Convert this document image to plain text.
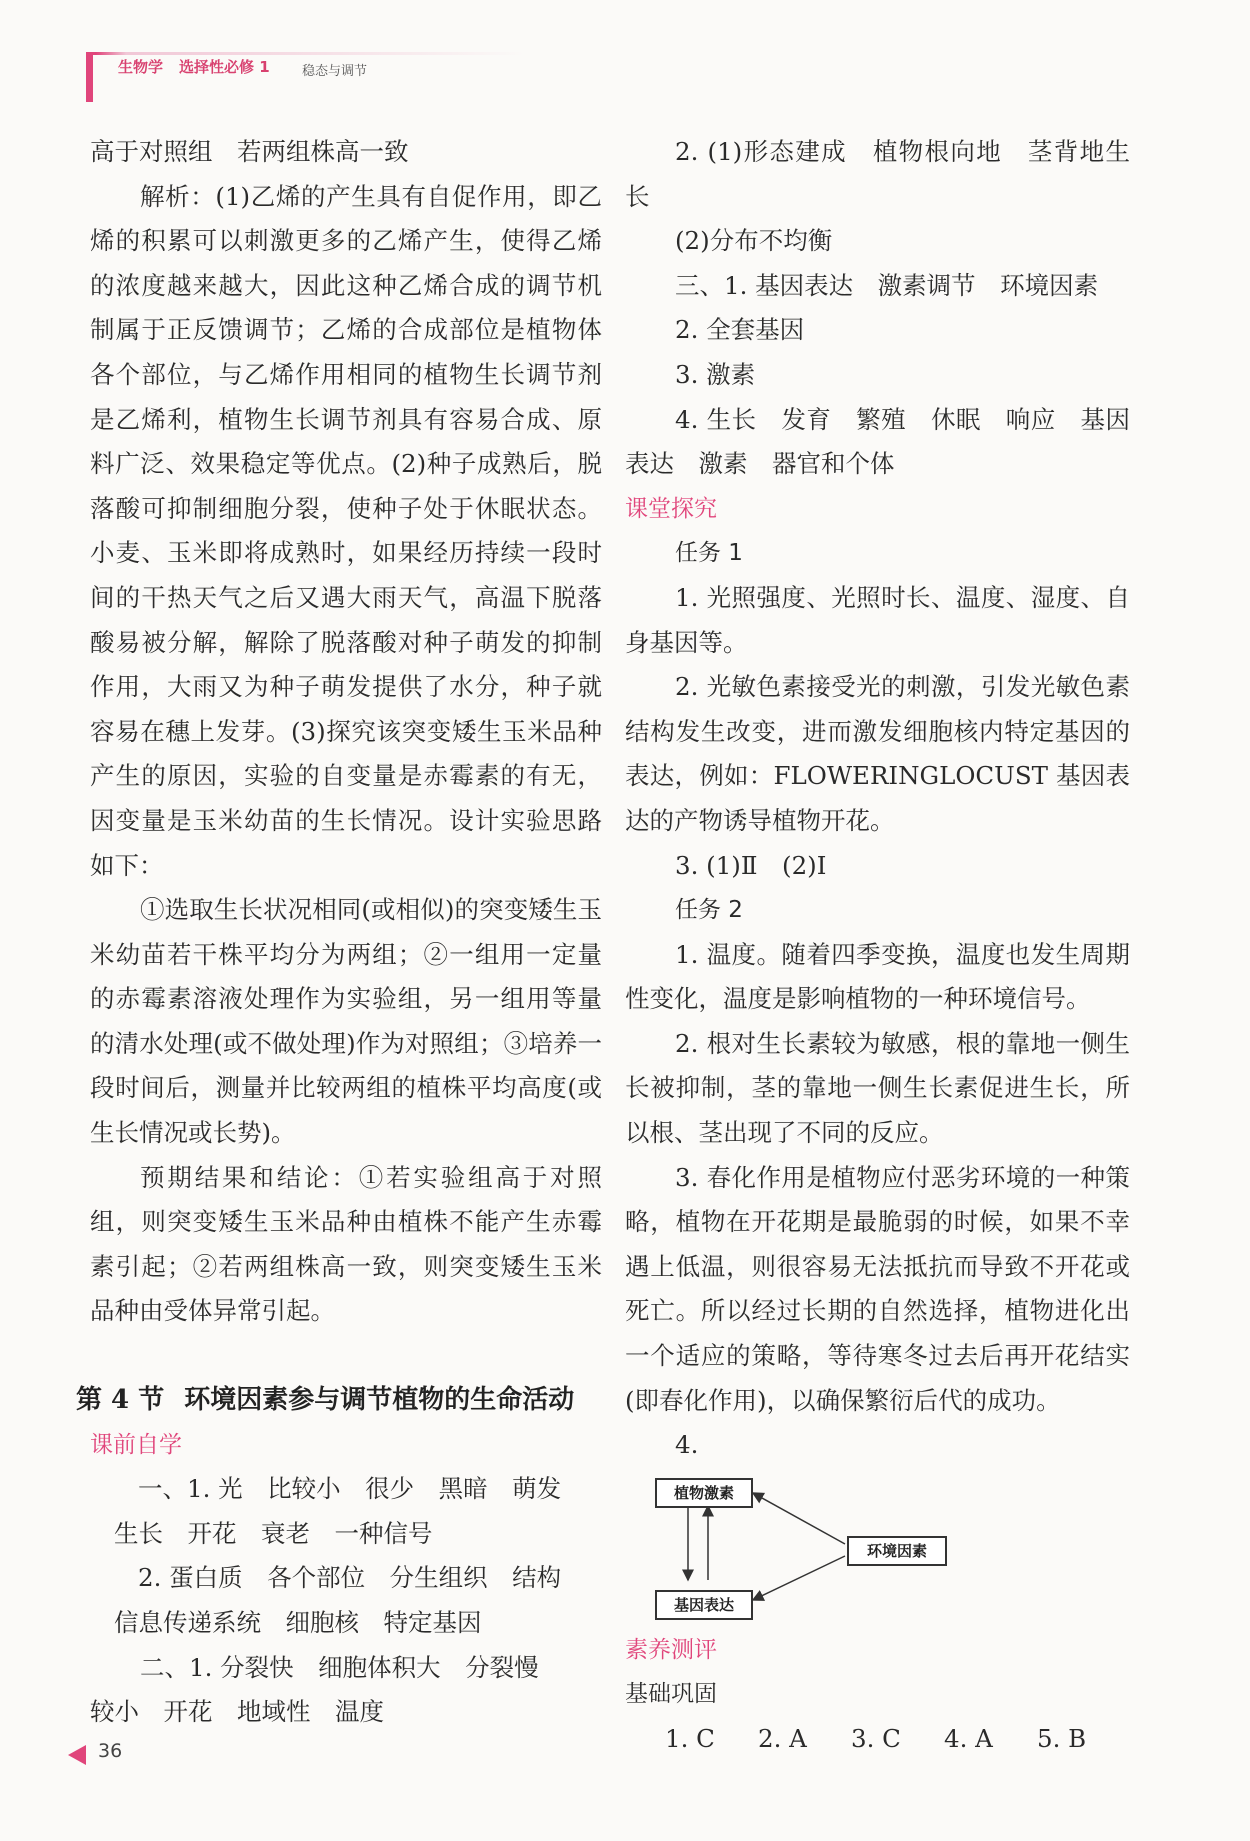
生物学 选择性必修 1 稳态与调节

高于对照组　若两组株高一致

解析：(1)乙烯的产生具有自促作用，即乙烯的积累可以刺激更多的乙烯产生，使得乙烯的浓度越来越大，因此这种乙烯合成的调节机制属于正反馈调节；乙烯的合成部位是植物体各个部位，与乙烯作用相同的植物生长调节剂是乙烯利，植物生长调节剂具有容易合成、原料广泛、效果稳定等优点。(2)种子成熟后，脱落酸可抑制细胞分裂，使种子处于休眠状态。小麦、玉米即将成熟时，如果经历持续一段时间的干热天气之后又遇大雨天气，高温下脱落酸易被分解，解除了脱落酸对种子萌发的抑制作用，大雨又为种子萌发提供了水分，种子就容易在穗上发芽。(3)探究该突变矮生玉米品种产生的原因，实验的自变量是赤霉素的有无，因变量是玉米幼苗的生长情况。设计实验思路如下：

①选取生长状况相同(或相似)的突变矮生玉米幼苗若干株平均分为两组；②一组用一定量的赤霉素溶液处理作为实验组，另一组用等量的清水处理(或不做处理)作为对照组；③培养一段时间后，测量并比较两组的植株平均高度(或生长情况或长势)。

预期结果和结论：①若实验组高于对照组，则突变矮生玉米品种由植株不能产生赤霉素引起；②若两组株高一致，则突变矮生玉米品种由受体异常引起。

第 4 节 环境因素参与调节植物的生命活动
课前自学

一、1. 光　比较小　很少　黑暗　萌发

生长　开花　衰老　一种信号

2. 蛋白质　各个部位　分生组织　结构

信息传递系统　细胞核　特定基因

二、1. 分裂快　细胞体积大　分裂慢

较小　开花　地域性　温度

2. (1)形态建成　植物根向地　茎背地生长

(2)分布不均衡

三、1. 基因表达　激素调节　环境因素

2. 全套基因

3. 激素

4. 生长　发育　繁殖　休眠　响应　基因表达　激素　器官和个体

课堂探究
任务 1

1. 光照强度、光照时长、温度、湿度、自身基因等。

2. 光敏色素接受光的刺激，引发光敏色素结构发生改变，进而激发细胞核内特定基因的表达，例如：FLOWERINGLOCUST 基因表达的产物诱导植物开花。

3. (1)Ⅱ　(2)Ⅰ

任务 2

1. 温度。随着四季变换，温度也发生周期性变化，温度是影响植物的一种环境信号。

2. 根对生长素较为敏感，根的靠地一侧生长被抑制，茎的靠地一侧生长素促进生长，所以根、茎出现了不同的反应。

3. 春化作用是植物应付恶劣环境的一种策略，植物在开花期是最脆弱的时候，如果不幸遇上低温，则很容易无法抵抗而导致不开花或死亡。所以经过长期的自然选择，植物进化出一个适应的策略，等待寒冬过去后再开花结实(即春化作用)，以确保繁衍后代的成功。

4.

植物激素
基因表达
环境因素
素养测评
基础巩固
1. C	2. A	3. C	4. A	5. B
36
